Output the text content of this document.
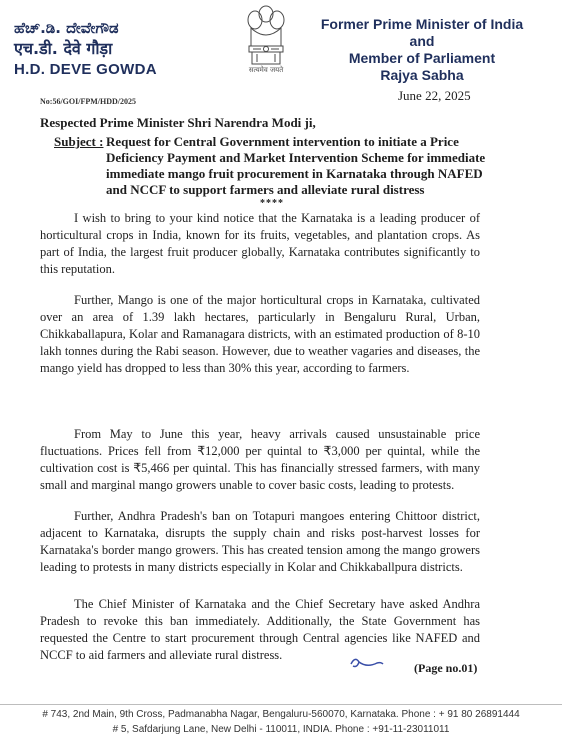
ಹೆಚ್.ಡಿ. ದೇವೇಗೌಡ
एच.डी. देवे गौड़ा
H.D. DEVE GOWDA	सत्यमेव जयते
Former Prime Minister of India
and
Member of Parliament
Rajya Sabha
June 22, 2025
No:56/GOI/FPM/HDD/2025
Respected Prime Minister Shri Narendra Modi ji,
Subject : Request for Central Government intervention to initiate a Price Deficiency Payment and Market Intervention Scheme for immediate immediate mango fruit procurement in Karnataka through NAFED and NCCF to support farmers and alleviate rural distress
****

I wish to bring to your kind notice that the Karnataka is a leading producer of horticultural crops in India, known for its fruits, vegetables, and plantation crops. As part of India, the largest fruit producer globally, Karnataka contributes significantly to this reputation.

Further, Mango is one of the major horticultural crops in Karnataka, cultivated over an area of 1.39 lakh hectares, particularly in Bengaluru Rural, Urban, Chikkaballapura, Kolar and Ramanagara districts, with an estimated production of 8-10 lakh tonnes during the Rabi season. However, due to weather vagaries and diseases, the mango yield has dropped to less than 30% this year, according to farmers.

From May to June this year, heavy arrivals caused unsustainable price fluctuations. Prices fell from ₹12,000 per quintal to ₹3,000 per quintal, while the cultivation cost is ₹5,466 per quintal. This has financially stressed farmers, with many small and marginal mango growers unable to cover basic costs, leading to protests.

Further, Andhra Pradesh's ban on Totapuri mangoes entering Chittoor district, adjacent to Karnataka, disrupts the supply chain and risks post-harvest losses for Karnataka's border mango growers. This has created tension among the mango growers leading to protests in many districts especially in Kolar and Chikkaballpura districts.

The Chief Minister of Karnataka and the Chief Secretary have asked Andhra Pradesh to revoke this ban immediately. Additionally, the State Government has requested the Centre to start procurement through Central agencies like NAFED and NCCF to aid farmers and alleviate rural distress.

(Page no.01)
# 743, 2nd Main, 9th Cross, Padmanabha Nagar, Bengaluru-560070, Karnataka. Phone : + 91 80 26891444
# 5, Safdarjung Lane, New Delhi - 110011, INDIA. Phone : +91-11-23011011
